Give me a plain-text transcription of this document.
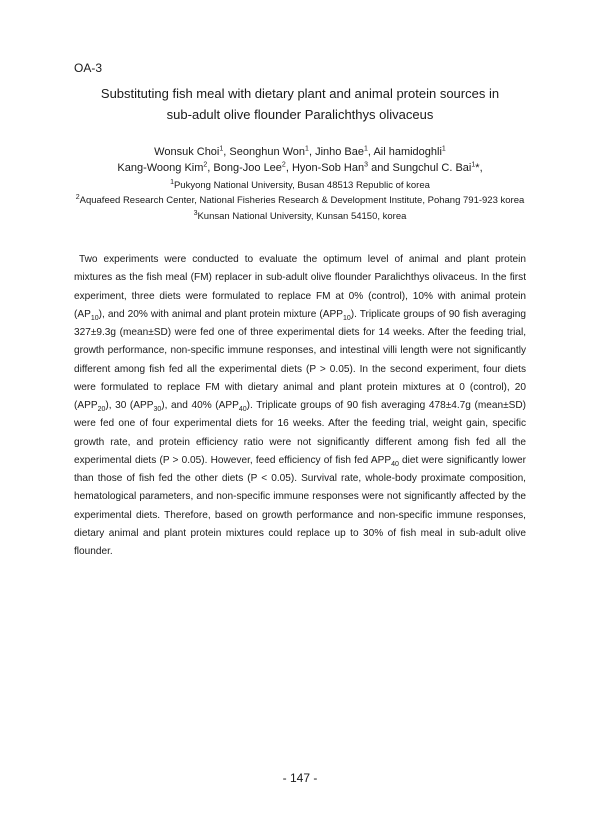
OA-3
Substituting fish meal with dietary plant and animal protein sources in
sub-adult olive flounder Paralichthys olivaceus
Wonsuk Choi$^1$, Seonghun Won$^1$, Jinho Bae$^1$, Ail hamidoghli$^1$
Kang-Woong Kim$^2$, Bong-Joo Lee$^2$, Hyon-Sob Han$^3$ and Sungchul C. Bai$^1$*,
$^1$Pukyong National University, Busan 48513 Republic of korea
$^2$Aquafeed Research Center, National Fisheries Research & Development Institute, Pohang 791-923 korea
$^3$Kunsan National University, Kunsan 54150, korea
Two experiments were conducted to evaluate the optimum level of animal and plant protein mixtures as the fish meal (FM) replacer in sub-adult olive flounder Paralichthys olivaceus. In the first experiment, three diets were formulated to replace FM at 0% (control), 10% with animal protein $(AP_{10})$, and 20% with animal and plant protein mixture $(APP_{10})$. Triplicate groups of 90 fish averaging 327±9.3g (mean±SD) were fed one of three experimental diets for 14 weeks. After the feeding trial, growth performance, non-specific immune responses, and intestinal villi length were not significantly different among fish fed all the experimental diets (P > 0.05). In the second experiment, four diets were formulated to replace FM with dietary animal and plant protein mixtures at 0 (control), 20 $(APP_{20})$, 30 $(APP_{30})$, and 40% $(APP_{40})$. Triplicate groups of 90 fish averaging 478±4.7g (mean±SD) were fed one of four experimental diets for 16 weeks. After the feeding trial, weight gain, specific growth rate, and protein efficiency ratio were not significantly different among fish fed all the experimental diets (P > 0.05). However, feed efficiency of fish fed $APP_{40}$ diet were significantly lower than those of fish fed the other diets (P < 0.05). Survival rate, whole-body proximate composition, hematological parameters, and non-specific immune responses were not significantly affected by the experimental diets. Therefore, based on growth performance and non-specific immune responses, dietary animal and plant protein mixtures could replace up to 30% of fish meal in sub-adult olive flounder.
- 147 -
